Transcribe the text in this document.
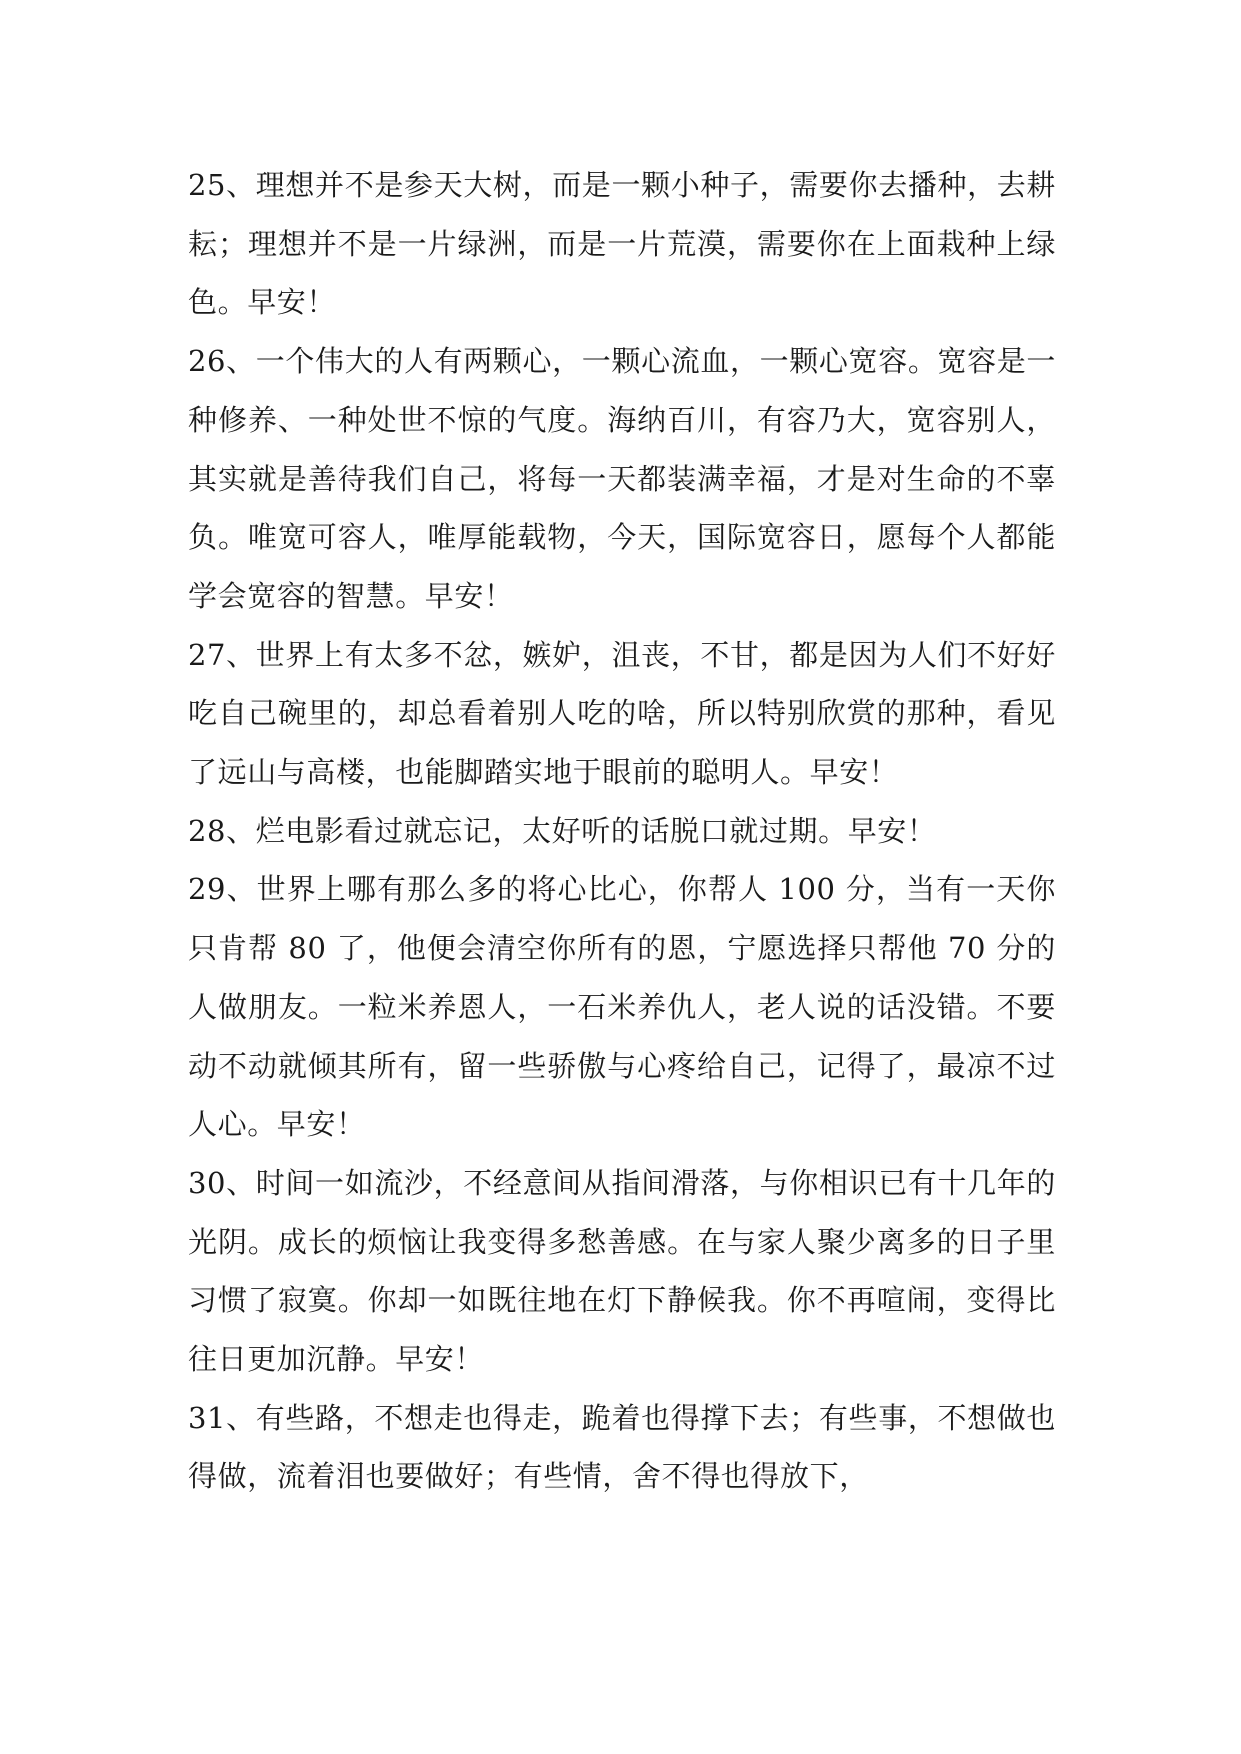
25、理想并不是参天大树，而是一颗小种子，需要你去播种，去耕耘；理想并不是一片绿洲，而是一片荒漠，需要你在上面栽种上绿色。早安！

26、一个伟大的人有两颗心，一颗心流血，一颗心宽容。宽容是一种修养、一种处世不惊的气度。海纳百川，有容乃大，宽容别人，其实就是善待我们自己，将每一天都装满幸福，才是对生命的不辜负。唯宽可容人，唯厚能载物，今天，国际宽容日，愿每个人都能学会宽容的智慧。早安！

27、世界上有太多不忿，嫉妒，沮丧，不甘，都是因为人们不好好吃自己碗里的，却总看着别人吃的啥，所以特别欣赏的那种，看见了远山与高楼，也能脚踏实地于眼前的聪明人。早安！

28、烂电影看过就忘记，太好听的话脱口就过期。早安！

29、世界上哪有那么多的将心比心，你帮人 100 分，当有一天你只肯帮 80 了，他便会清空你所有的恩，宁愿选择只帮他 70 分的人做朋友。一粒米养恩人，一石米养仇人，老人说的话没错。不要动不动就倾其所有，留一些骄傲与心疼给自己，记得了，最凉不过人心。早安！

30、时间一如流沙，不经意间从指间滑落，与你相识已有十几年的光阴。成长的烦恼让我变得多愁善感。在与家人聚少离多的日子里习惯了寂寞。你却一如既往地在灯下静候我。你不再喧闹，变得比往日更加沉静。早安！

31、有些路，不想走也得走，跪着也得撑下去；有些事，不想做也得做，流着泪也要做好；有些情，舍不得也得放下，
